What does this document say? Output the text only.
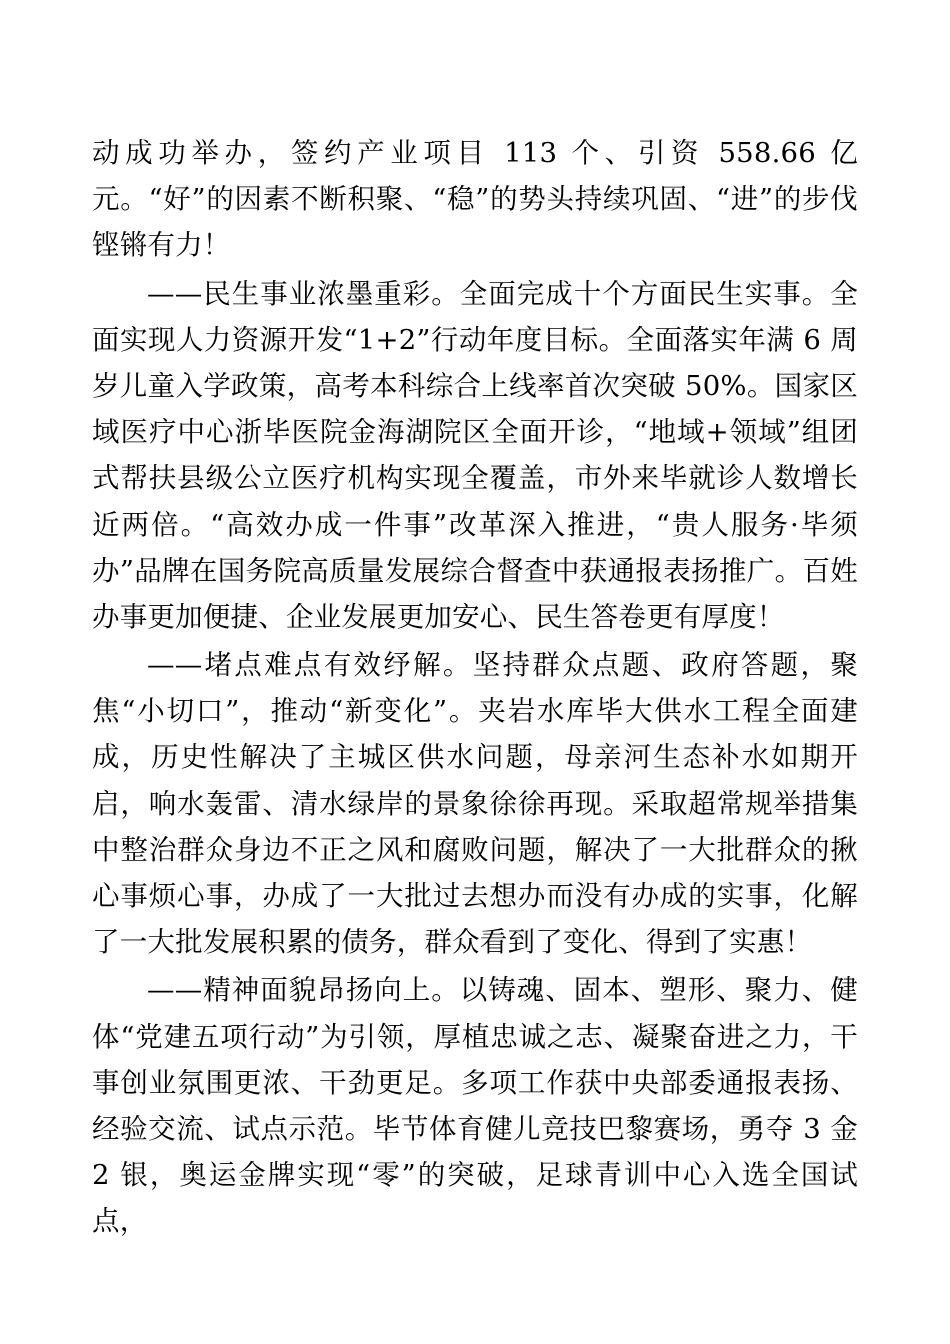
动成功举办，签约产业项目 113 个、引资 558.66 亿元。“好”的因素不断积聚、“稳”的势头持续巩固、“进”的步伐铿锵有力！

——民生事业浓墨重彩。全面完成十个方面民生实事。全面实现人力资源开发“1+2”行动年度目标。全面落实年满 6 周岁儿童入学政策，高考本科综合上线率首次突破 50%。国家区域医疗中心浙毕医院金海湖院区全面开诊，“地域+领域”组团式帮扶县级公立医疗机构实现全覆盖，市外来毕就诊人数增长近两倍。“高效办成一件事”改革深入推进，“贵人服务·毕须办”品牌在国务院高质量发展综合督查中获通报表扬推广。百姓办事更加便捷、企业发展更加安心、民生答卷更有厚度！

——堵点难点有效纾解。坚持群众点题、政府答题，聚焦“小切口”，推动“新变化”。夹岩水库毕大供水工程全面建成，历史性解决了主城区供水问题，母亲河生态补水如期开启，响水轰雷、清水绿岸的景象徐徐再现。采取超常规举措集中整治群众身边不正之风和腐败问题，解决了一大批群众的揪心事烦心事，办成了一大批过去想办而没有办成的实事，化解了一大批发展积累的债务，群众看到了变化、得到了实惠！

——精神面貌昂扬向上。以铸魂、固本、塑形、聚力、健体“党建五项行动”为引领，厚植忠诚之志、凝聚奋进之力，干事创业氛围更浓、干劲更足。多项工作获中央部委通报表扬、经验交流、试点示范。毕节体育健儿竞技巴黎赛场，勇夺 3 金 2 银，奥运金牌实现“零”的突破，足球青训中心入选全国试点，
